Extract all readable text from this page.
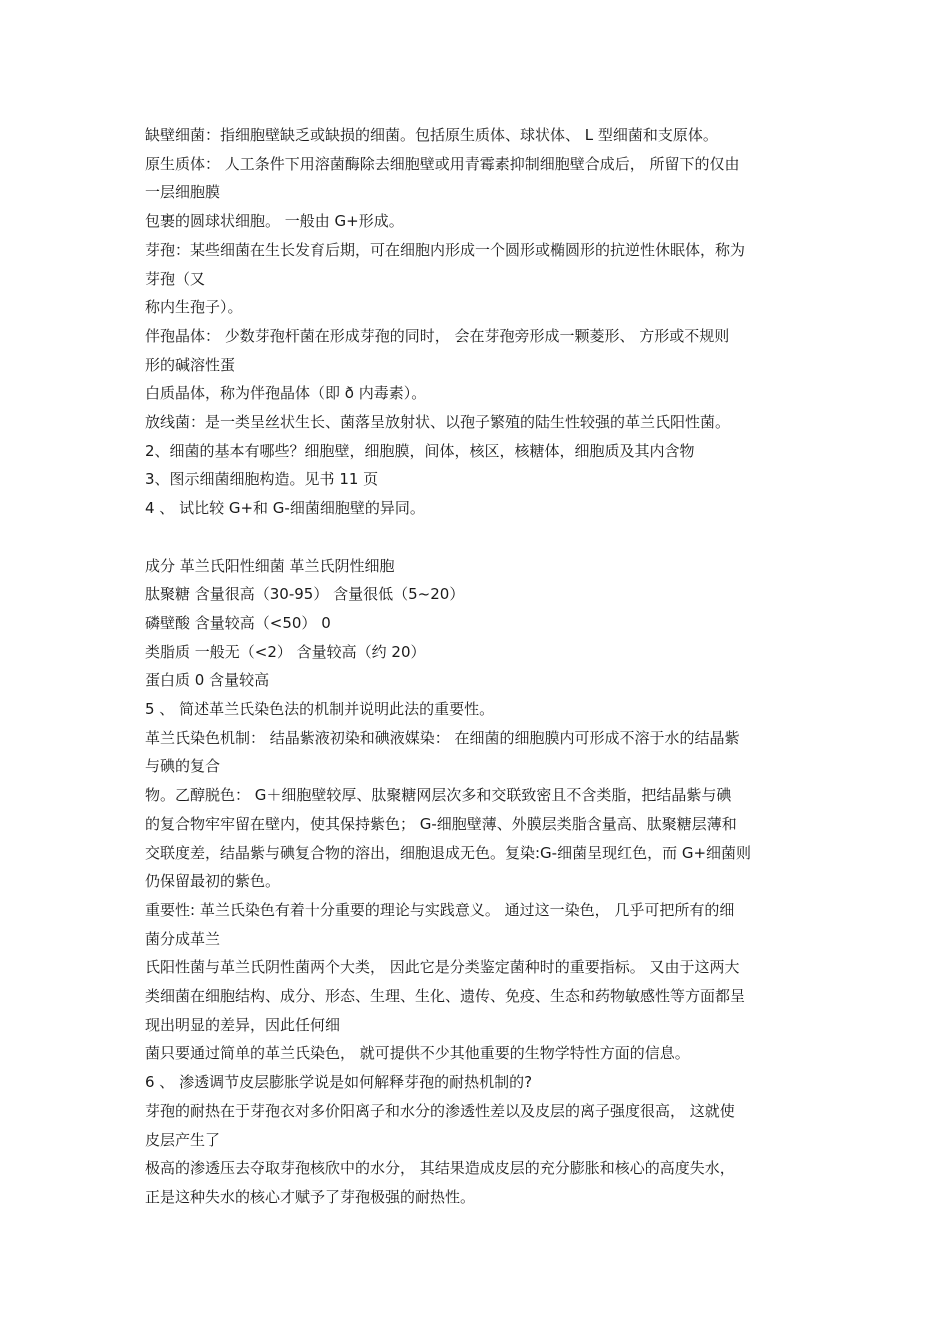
缺壁细菌：指细胞壁缺乏或缺损的细菌。包括原生质体、球状体、 L 型细菌和支原体。
原生质体： 人工条件下用溶菌酶除去细胞壁或用青霉素抑制细胞壁合成后， 所留下的仅由
一层细胞膜
包裹的圆球状细胞。 一般由 G+形成。
芽孢：某些细菌在生长发育后期，可在细胞内形成一个圆形或椭圆形的抗逆性休眠体，称为
芽孢（又
称内生孢子）。
伴孢晶体： 少数芽孢杆菌在形成芽孢的同时， 会在芽孢旁形成一颗菱形、 方形或不规则
形的碱溶性蛋
白质晶体，称为伴孢晶体（即 ð 内毒素）。
放线菌：是一类呈丝状生长、菌落呈放射状、以孢子繁殖的陆生性较强的革兰氏阳性菌。
2、细菌的基本有哪些？细胞壁，细胞膜，间体，核区，核糖体，细胞质及其内含物
3、图示细菌细胞构造。见书 11 页
4 、 试比较 G+和 G-细菌细胞壁的异同。
成分 革兰氏阳性细菌 革兰氏阴性细胞
肽聚糖 含量很高（30-95） 含量很低（5~20）
磷壁酸 含量较高（<50） 0
类脂质 一般无（<2） 含量较高（约 20）
蛋白质 0 含量较高
5 、 简述革兰氏染色法的机制并说明此法的重要性。
革兰氏染色机制： 结晶紫液初染和碘液媒染： 在细菌的细胞膜内可形成不溶于水的结晶紫
与碘的复合
物。乙醇脱色： G＋细胞壁较厚、肽聚糖网层次多和交联致密且不含类脂，把结晶紫与碘
的复合物牢牢留在壁内，使其保持紫色； G-细胞壁薄、外膜层类脂含量高、肽聚糖层薄和
交联度差，结晶紫与碘复合物的溶出，细胞退成无色。复染:G-细菌呈现红色，而 G+细菌则
仍保留最初的紫色。
重要性: 革兰氏染色有着十分重要的理论与实践意义。 通过这一染色， 几乎可把所有的细
菌分成革兰
氏阳性菌与革兰氏阴性菌两个大类， 因此它是分类鉴定菌种时的重要指标。 又由于这两大
类细菌在细胞结构、成分、形态、生理、生化、遗传、免疫、生态和药物敏感性等方面都呈
现出明显的差异，因此任何细
菌只要通过简单的革兰氏染色， 就可提供不少其他重要的生物学特性方面的信息。
6 、 渗透调节皮层膨胀学说是如何解释芽孢的耐热机制的?
芽孢的耐热在于芽孢衣对多价阳离子和水分的渗透性差以及皮层的离子强度很高， 这就使
皮层产生了
极高的渗透压去夺取芽孢核欣中的水分， 其结果造成皮层的充分膨胀和核心的高度失水，
正是这种失水的核心才赋予了芽孢极强的耐热性。
